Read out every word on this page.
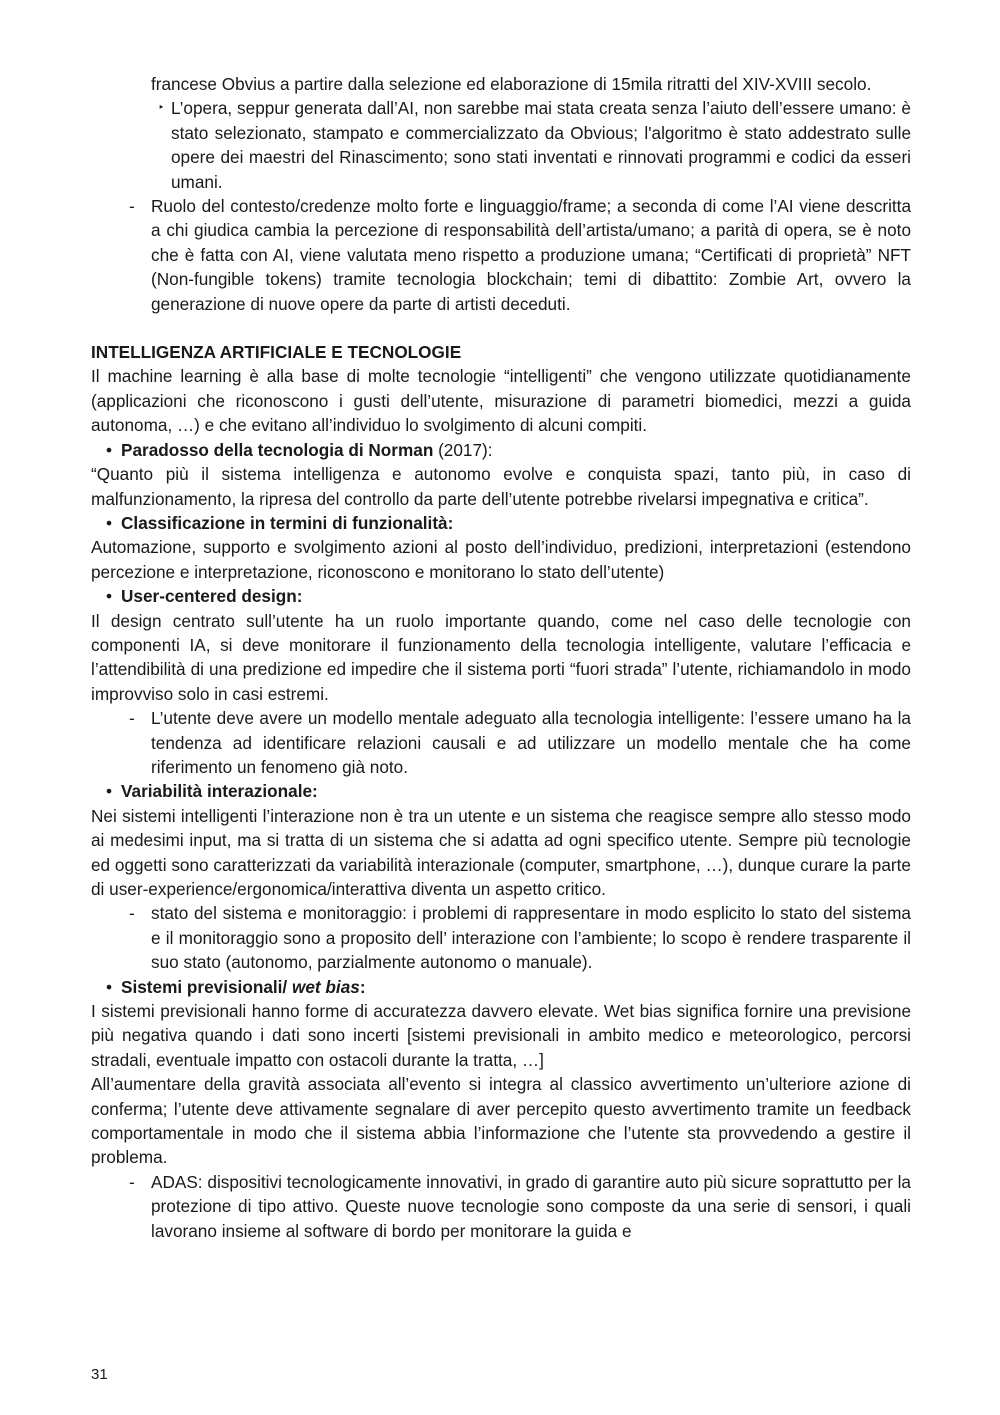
francese Obvius a partire dalla selezione ed elaborazione di 15mila ritratti del XIV-XVIII secolo.

‣ L’opera, seppur generata dall’AI, non sarebbe mai stata creata senza l’aiuto dell’essere umano: è stato selezionato, stampato e commercializzato da Obvious; l'algoritmo è stato addestrato sulle opere dei maestri del Rinascimento; sono stati inventati e rinnovati programmi e codici da esseri umani.
- Ruolo del contesto/credenze molto forte e linguaggio/frame; a seconda di come l’AI viene descritta a chi giudica cambia la percezione di responsabilità dell’artista/umano; a parità di opera, se è noto che è fatta con AI, viene valutata meno rispetto a produzione umana; “Certificati di proprietà” NFT (Non-fungible tokens) tramite tecnologia blockchain; temi di dibattito: Zombie Art, ovvero la generazione di nuove opere da parte di artisti deceduti.

INTELLIGENZA ARTIFICIALE E TECNOLOGIE

Il machine learning è alla base di molte tecnologie “intelligenti” che vengono utilizzate quotidianamente (applicazioni che riconoscono i gusti dell’utente, misurazione di parametri biomedici, mezzi a guida autonoma, …) e che evitano all’individuo lo svolgimento di alcuni compiti.

• Paradosso della tecnologia di Norman (2017):

“Quanto più il sistema intelligenza e autonomo evolve e conquista spazi, tanto più, in caso di malfunzionamento, la ripresa del controllo da parte dell’utente potrebbe rivelarsi impegnativa e critica”.

• Classificazione in termini di funzionalità:

Automazione, supporto e svolgimento azioni al posto dell’individuo, predizioni, interpretazioni (estendono percezione e interpretazione, riconoscono e monitorano lo stato dell’utente)

• User-centered design:

Il design centrato sull’utente ha un ruolo importante quando, come nel caso delle tecnologie con componenti IA, si deve monitorare il funzionamento della tecnologia intelligente, valutare l’efficacia e l’attendibilità di una predizione ed impedire che il sistema porti “fuori strada” l’utente, richiamandolo in modo improvviso solo in casi estremi.

- L’utente deve avere un modello mentale adeguato alla tecnologia intelligente: l’essere umano ha la tendenza ad identificare relazioni causali e ad utilizzare un modello mentale che ha come riferimento un fenomeno già noto.
• Variabilità interazionale:

Nei sistemi intelligenti l’interazione non è tra un utente e un sistema che reagisce sempre allo stesso modo ai medesimi input, ma si tratta di un sistema che si adatta ad ogni specifico utente. Sempre più tecnologie ed oggetti sono caratterizzati da variabilità interazionale (computer, smartphone, …), dunque curare la parte di user-experience/ergonomica/interattiva diventa un aspetto critico.

- stato del sistema e monitoraggio: i problemi di rappresentare in modo esplicito lo stato del sistema e il monitoraggio sono a proposito dell’ interazione con l’ambiente; lo scopo è rendere trasparente il suo stato (autonomo, parzialmente autonomo o manuale).
• Sistemi previsionali/ wet bias:

I sistemi previsionali hanno forme di accuratezza davvero elevate. Wet bias significa fornire una previsione più negativa quando i dati sono incerti [sistemi previsionali in ambito medico e meteorologico, percorsi stradali, eventuale impatto con ostacoli durante la tratta, …]

All’aumentare della gravità associata all’evento si integra al classico avvertimento un’ulteriore azione di conferma; l’utente deve attivamente segnalare di aver percepito questo avvertimento tramite un feedback comportamentale in modo che il sistema abbia l’informazione che l’utente sta provvedendo a gestire il problema.

- ADAS: dispositivi tecnologicamente innovativi, in grado di garantire auto più sicure soprattutto per la protezione di tipo attivo. Queste nuove tecnologie sono composte da una serie di sensori, i quali lavorano insieme al software di bordo per monitorare la guida e
31
